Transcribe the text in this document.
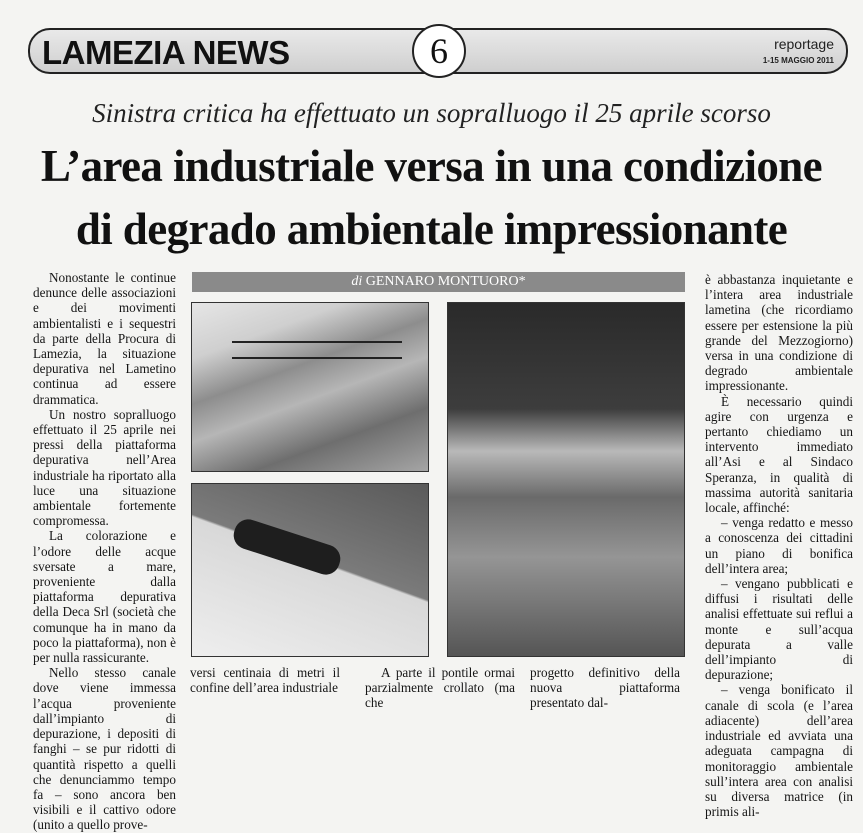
LAMEZIA NEWS	6	reportage
1-15 MAGGIO 2011
Sinistra critica ha effettuato un sopralluogo il 25 aprile scorso
L’area industriale versa in una condizione
di degrado ambientale impressionante

Nonostante le continue denunce delle associazioni e dei movimenti ambientalisti e i sequestri da parte della Procura di Lamezia, la situazione depurativa nel Lametino continua ad essere drammatica.

Un nostro sopralluogo effettuato il 25 aprile nei pressi della piattaforma depurativa nell’Area industriale ha riportato alla luce una situazione ambientale fortemente compromessa.

La colorazione e l’odore delle acque sversate a mare, proveniente dalla piattaforma depurativa della Deca Srl (società che comunque ha in mano da poco la piattaforma), non è per nulla rassicurante.

Nello stesso canale dove viene immessa l’acqua proveniente dall’impianto di depurazione, i depositi di fanghi – se pur ridotti di quantità rispetto a quelli che denunciammo tempo fa – sono ancora ben visibili e il cattivo odore (unito a quello prove-

di GENNARO MONTUORO*

versi centinaia di metri il confine dell’area industriale

A parte il pontile ormai parzialmente crollato (ma che

progetto definitivo della nuova piattaforma presentato dal-

è abbastanza inquietante e l’intera area industriale lametina (che ricordiamo essere per estensione la più grande del Mezzogiorno) versa in una condizione di degrado ambientale impressionante.

È necessario quindi agire con urgenza e pertanto chiediamo un intervento immediato all’Asi e al Sindaco Speranza, in qualità di massima autorità sanitaria locale, affinché:

– venga redatto e messo a conoscenza dei cittadini un piano di bonifica dell’intera area;

– vengano pubblicati e diffusi i risultati delle analisi effettuate sui reflui a monte e sull’acqua depurata a valle dell’impianto di depurazione;

– venga bonificato il canale di scola (e l’area adiacente) dell’area industriale ed avviata una adeguata campagna di monitoraggio ambientale sull’intera area con analisi su diversa matrice (in primis ali-
